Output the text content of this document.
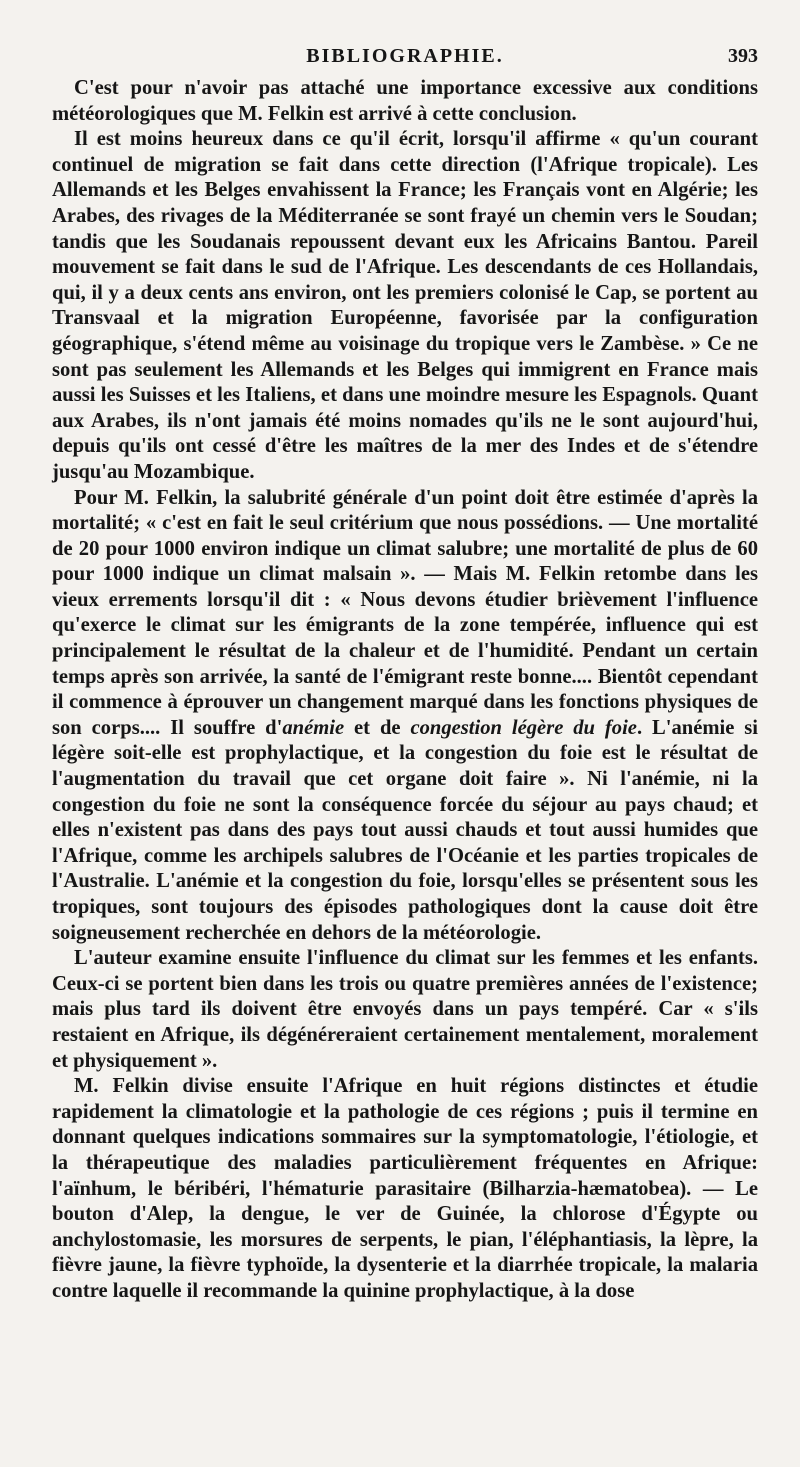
BIBLIOGRAPHIE.	393

C'est pour n'avoir pas attaché une importance excessive aux conditions météorologiques que M. Felkin est arrivé à cette conclusion.

Il est moins heureux dans ce qu'il écrit, lorsqu'il affirme « qu'un courant continuel de migration se fait dans cette direction (l'Afrique tropicale). Les Allemands et les Belges envahissent la France; les Français vont en Algérie; les Arabes, des rivages de la Méditerranée se sont frayé un chemin vers le Soudan; tandis que les Soudanais repoussent devant eux les Africains Bantou. Pareil mouvement se fait dans le sud de l'Afrique. Les descendants de ces Hollandais, qui, il y a deux cents ans environ, ont les premiers colonisé le Cap, se portent au Transvaal et la migration Européenne, favorisée par la configuration géographique, s'étend même au voisinage du tropique vers le Zambèse. » Ce ne sont pas seulement les Allemands et les Belges qui immigrent en France mais aussi les Suisses et les Italiens, et dans une moindre mesure les Espagnols. Quant aux Arabes, ils n'ont jamais été moins nomades qu'ils ne le sont aujourd'hui, depuis qu'ils ont cessé d'être les maîtres de la mer des Indes et de s'étendre jusqu'au Mozambique.

Pour M. Felkin, la salubrité générale d'un point doit être estimée d'après la mortalité; « c'est en fait le seul critérium que nous possédions. — Une mortalité de 20 pour 1000 environ indique un climat salubre; une mortalité de plus de 60 pour 1000 indique un climat malsain ». — Mais M. Felkin retombe dans les vieux errements lorsqu'il dit : « Nous devons étudier brièvement l'influence qu'exerce le climat sur les émigrants de la zone tempérée, influence qui est principalement le résultat de la chaleur et de l'humidité. Pendant un certain temps après son arrivée, la santé de l'émigrant reste bonne.... Bientôt cependant il commence à éprouver un changement marqué dans les fonctions physiques de son corps.... Il souffre d'anémie et de congestion légère du foie. L'anémie si légère soit-elle est prophylactique, et la congestion du foie est le résultat de l'augmentation du travail que cet organe doit faire ». Ni l'anémie, ni la congestion du foie ne sont la conséquence forcée du séjour au pays chaud; et elles n'existent pas dans des pays tout aussi chauds et tout aussi humides que l'Afrique, comme les archipels salubres de l'Océanie et les parties tropicales de l'Australie. L'anémie et la congestion du foie, lorsqu'elles se présentent sous les tropiques, sont toujours des épisodes pathologiques dont la cause doit être soigneusement recherchée en dehors de la météorologie.

L'auteur examine ensuite l'influence du climat sur les femmes et les enfants. Ceux-ci se portent bien dans les trois ou quatre premières années de l'existence; mais plus tard ils doivent être envoyés dans un pays tempéré. Car « s'ils restaient en Afrique, ils dégénéreraient certainement mentalement, moralement et physiquement ».

M. Felkin divise ensuite l'Afrique en huit régions distinctes et étudie rapidement la climatologie et la pathologie de ces régions ; puis il termine en donnant quelques indications sommaires sur la symptomatologie, l'étiologie, et la thérapeutique des maladies particulièrement fréquentes en Afrique: l'aïnhum, le béribéri, l'hématurie parasitaire (Bilharzia-hæmatobea). — Le bouton d'Alep, la dengue, le ver de Guinée, la chlorose d'Égypte ou anchylostomasie, les morsures de serpents, le pian, l'éléphantiasis, la lèpre, la fièvre jaune, la fièvre typhoïde, la dysenterie et la diarrhée tropicale, la malaria contre laquelle il recommande la quinine prophylactique, à la dose
